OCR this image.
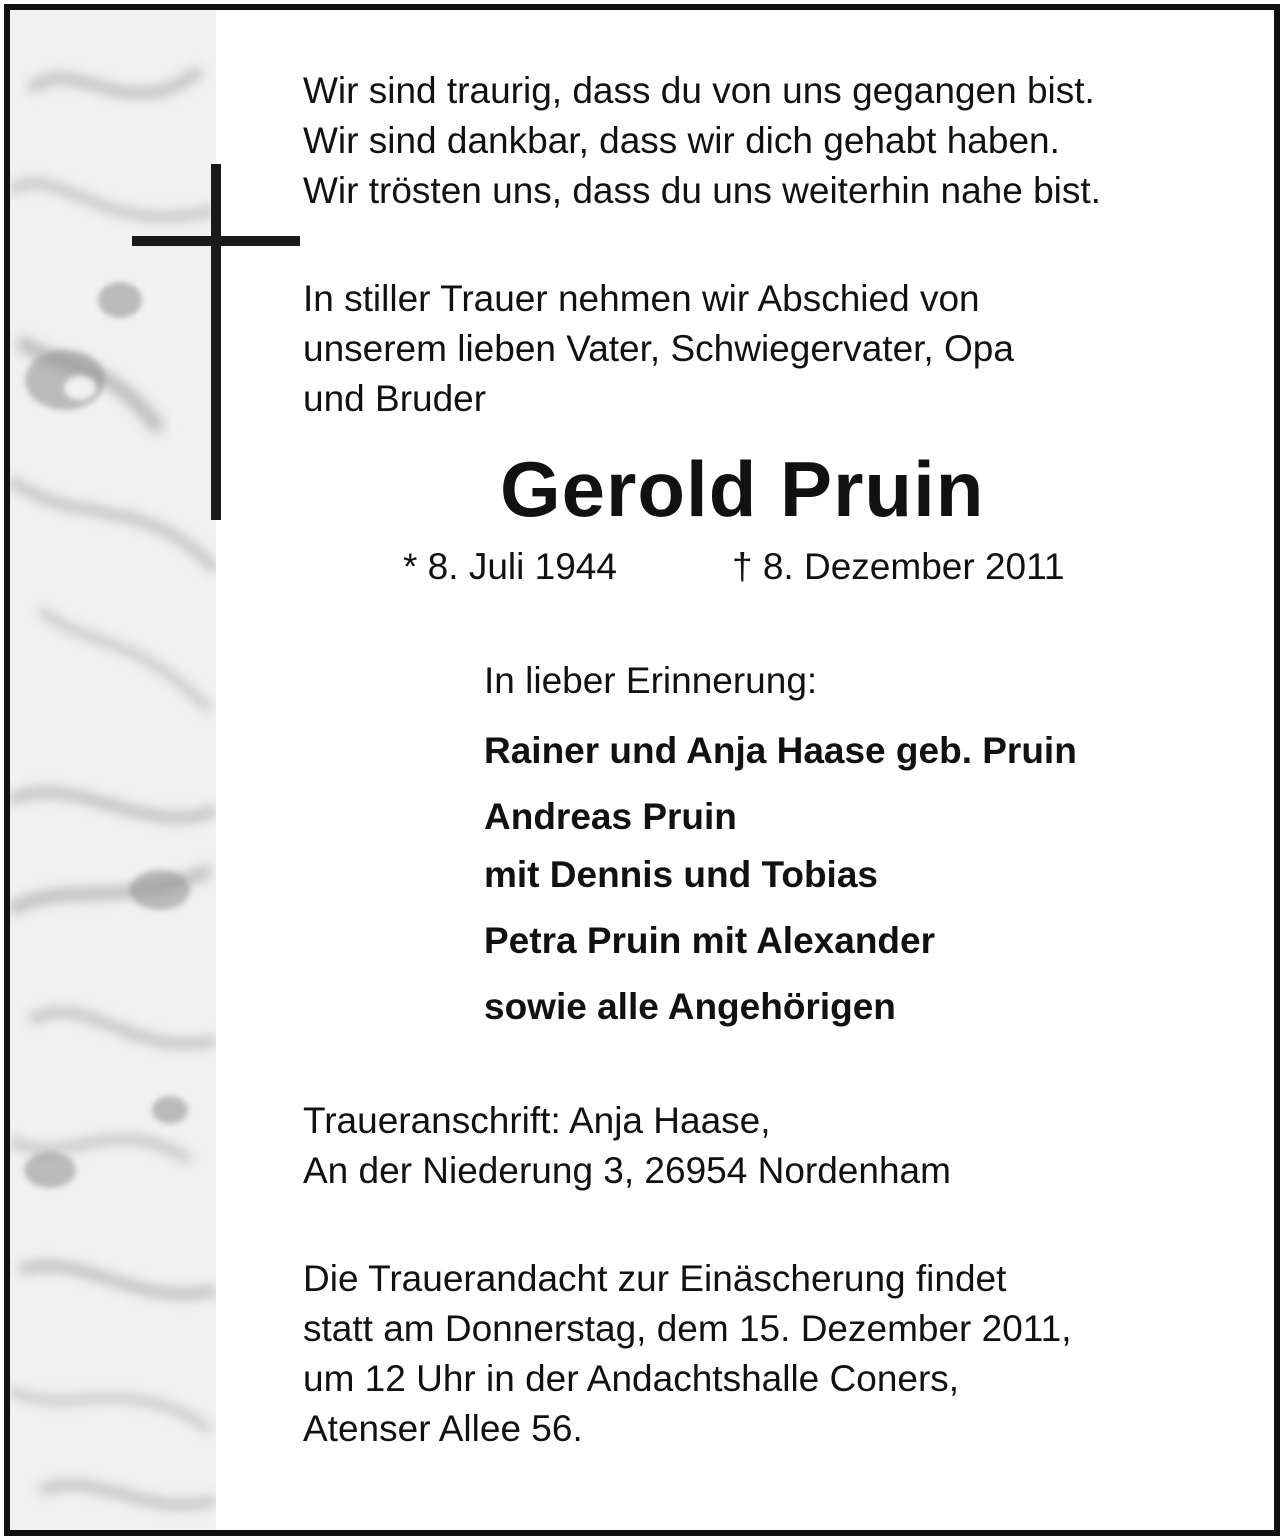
Wir sind traurig, dass du von uns gegangen bist.
Wir sind dankbar, dass wir dich gehabt haben.
Wir trösten uns, dass du uns weiterhin nahe bist.
In stiller Trauer nehmen wir Abschied von
unserem lieben Vater, Schwiegervater, Opa
und Bruder
Gerold Pruin
* 8. Juli 1944	† 8. Dezember 2011
In lieber Erinnerung:
Rainer und Anja Haase geb. Pruin
Andreas Pruin
mit Dennis und Tobias
Petra Pruin mit Alexander
sowie alle Angehörigen
Traueranschrift: Anja Haase,
An der Niederung 3, 26954 Nordenham
Die Trauerandacht zur Einäscherung findet
statt am Donnerstag, dem 15. Dezember 2011,
um 12 Uhr in der Andachtshalle Coners,
Atenser Allee 56.
